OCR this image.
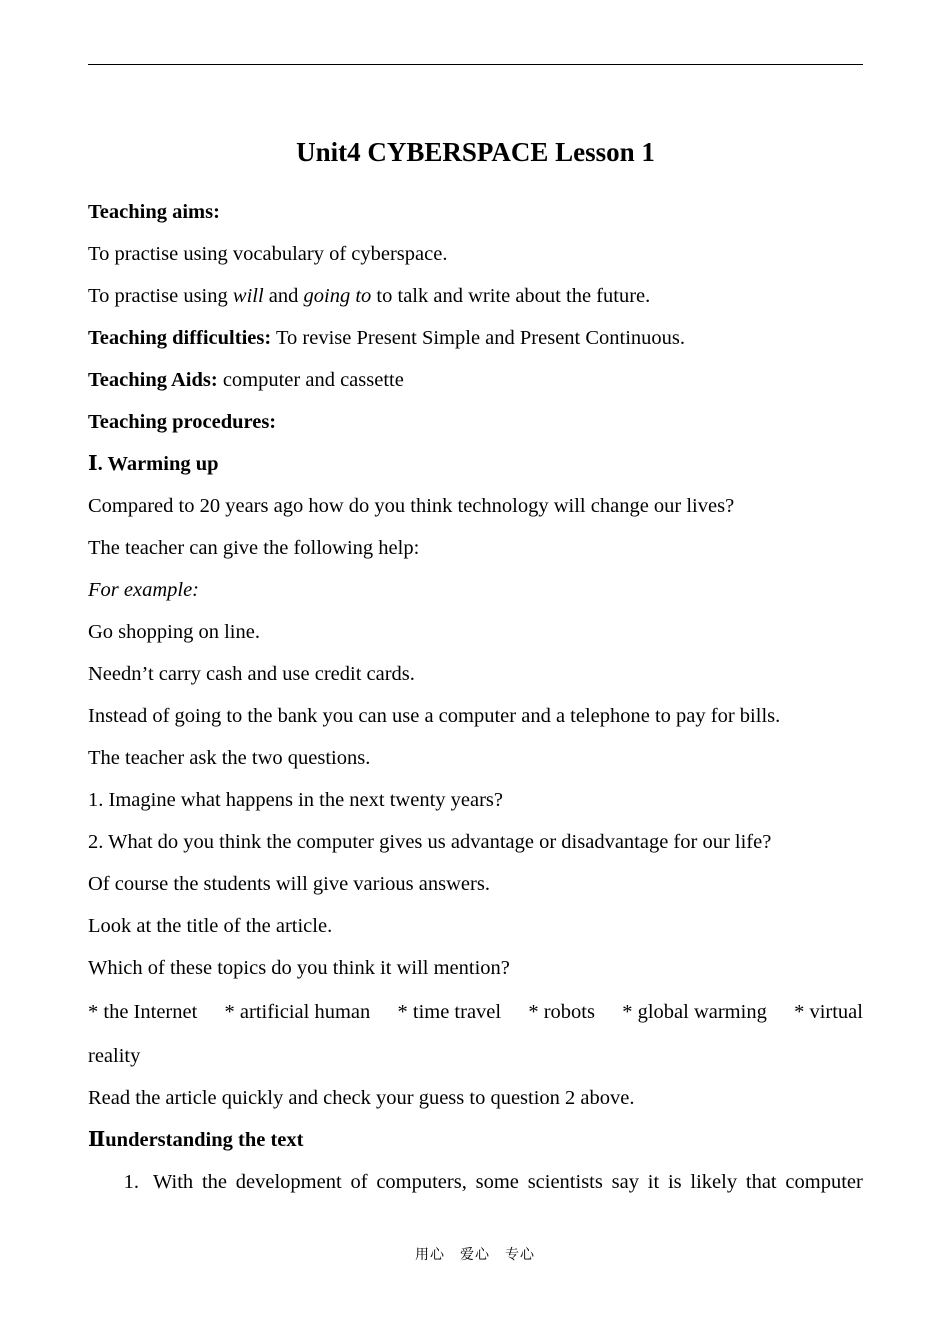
Unit4 CYBERSPACE Lesson 1

Teaching aims:

To practise using vocabulary of cyberspace.

To practise using will and going to to talk and write about the future.

Teaching difficulties: To revise Present Simple and Present Continuous.

Teaching Aids: computer and cassette

Teaching procedures:

Ⅰ. Warming up

Compared to 20 years ago how do you think technology will change our lives?

The teacher can give the following help:

For example:

Go shopping on line.

Needn’t carry cash and use credit cards.

Instead of going to the bank you can use a computer and a telephone to pay for bills.

The teacher ask the two questions.

1. Imagine what happens in the next twenty years?

2. What do you think the computer gives us advantage or disadvantage for our life?

Of course the students will give various answers.

Look at the title of the article.

Which of these topics do you think it will mention?

* the Internet * artificial human * time travel * robots * global warming * virtual

reality

Read the article quickly and check your guess to question 2 above.

Ⅱunderstanding the text

1. With the development of computers, some scientists say it is likely that computer
用心　爱心　专心
